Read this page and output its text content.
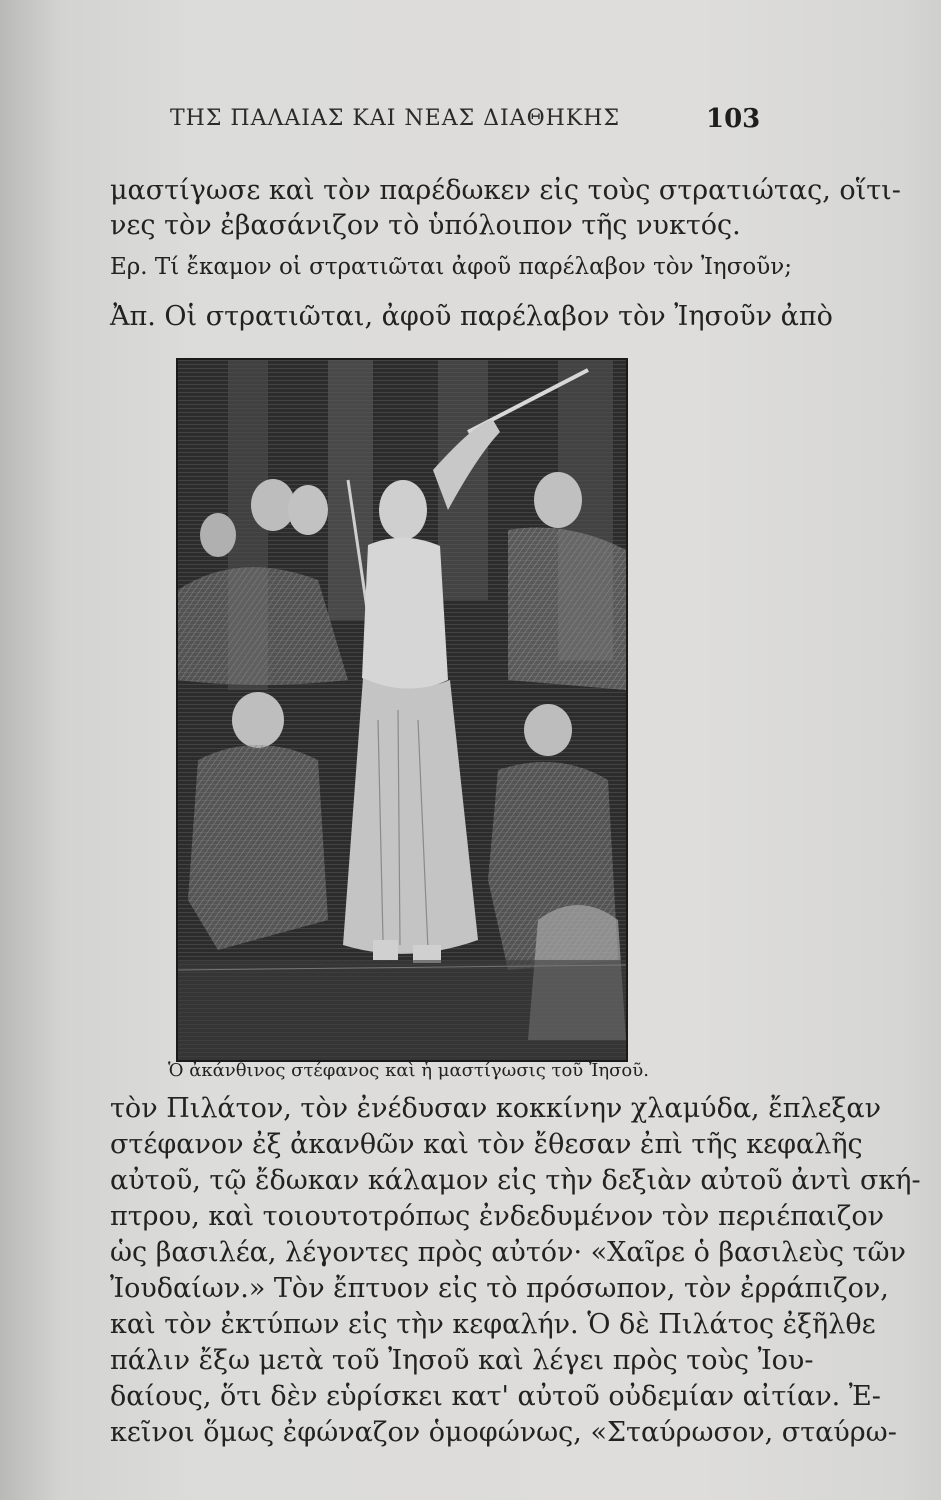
ΤΗΣ ΠΑΛΑΙΑΣ ΚΑΙ ΝΕΑΣ ΔΙΑΘΗΚΗΣ	103
μαστίγωσε καὶ τὸν παρέδωκεν εἰς τοὺς στρατιώτας, οἵτι-
νες τὸν ἐβασάνιζον τὸ ὑπόλοιπον τῆς νυκτός.
Ερ. Τί ἔκαμον οἱ στρατιῶται ἀφοῦ παρέλαβον τὸν Ἰησοῦν;
Ἀπ. Οἱ στρατιῶται, ἀφοῦ παρέλαβον τὸν Ἰησοῦν ἀπὸ
Ὁ ἀκάνθινος στέφανος καὶ ἡ μαστίγωσις τοῦ Ἰησοῦ.
τὸν Πιλάτον, τὸν ἐνέδυσαν κοκκίνην χλαμύδα, ἔπλεξαν
στέφανον ἐξ ἀκανθῶν καὶ τὸν ἔθεσαν ἐπὶ τῆς κεφαλῆς
αὐτοῦ, τῷ ἔδωκαν κάλαμον εἰς τὴν δεξιὰν αὐτοῦ ἀντὶ σκή-
πτρου, καὶ τοιουτοτρόπως ἐνδεδυμένον τὸν περιέπαιζον
ὡς βασιλέα, λέγοντες πρὸς αὐτόν· «Χαῖρε ὁ βασιλεὺς τῶν
Ἰουδαίων.» Τὸν ἔπτυον εἰς τὸ πρόσωπον, τὸν ἐρράπιζον,
καὶ τὸν ἐκτύπων εἰς τὴν κεφαλήν. Ὁ δὲ Πιλάτος ἐξῆλθε
πάλιν ἔξω μετὰ τοῦ Ἰησοῦ καὶ λέγει πρὸς τοὺς Ἰου-
δαίους, ὅτι δὲν εὑρίσκει κατ' αὐτοῦ οὐδεμίαν αἰτίαν. Ἐ-
κεῖνοι ὅμως ἐφώναζον ὁμοφώνως, «Σταύρωσον, σταύρω-
